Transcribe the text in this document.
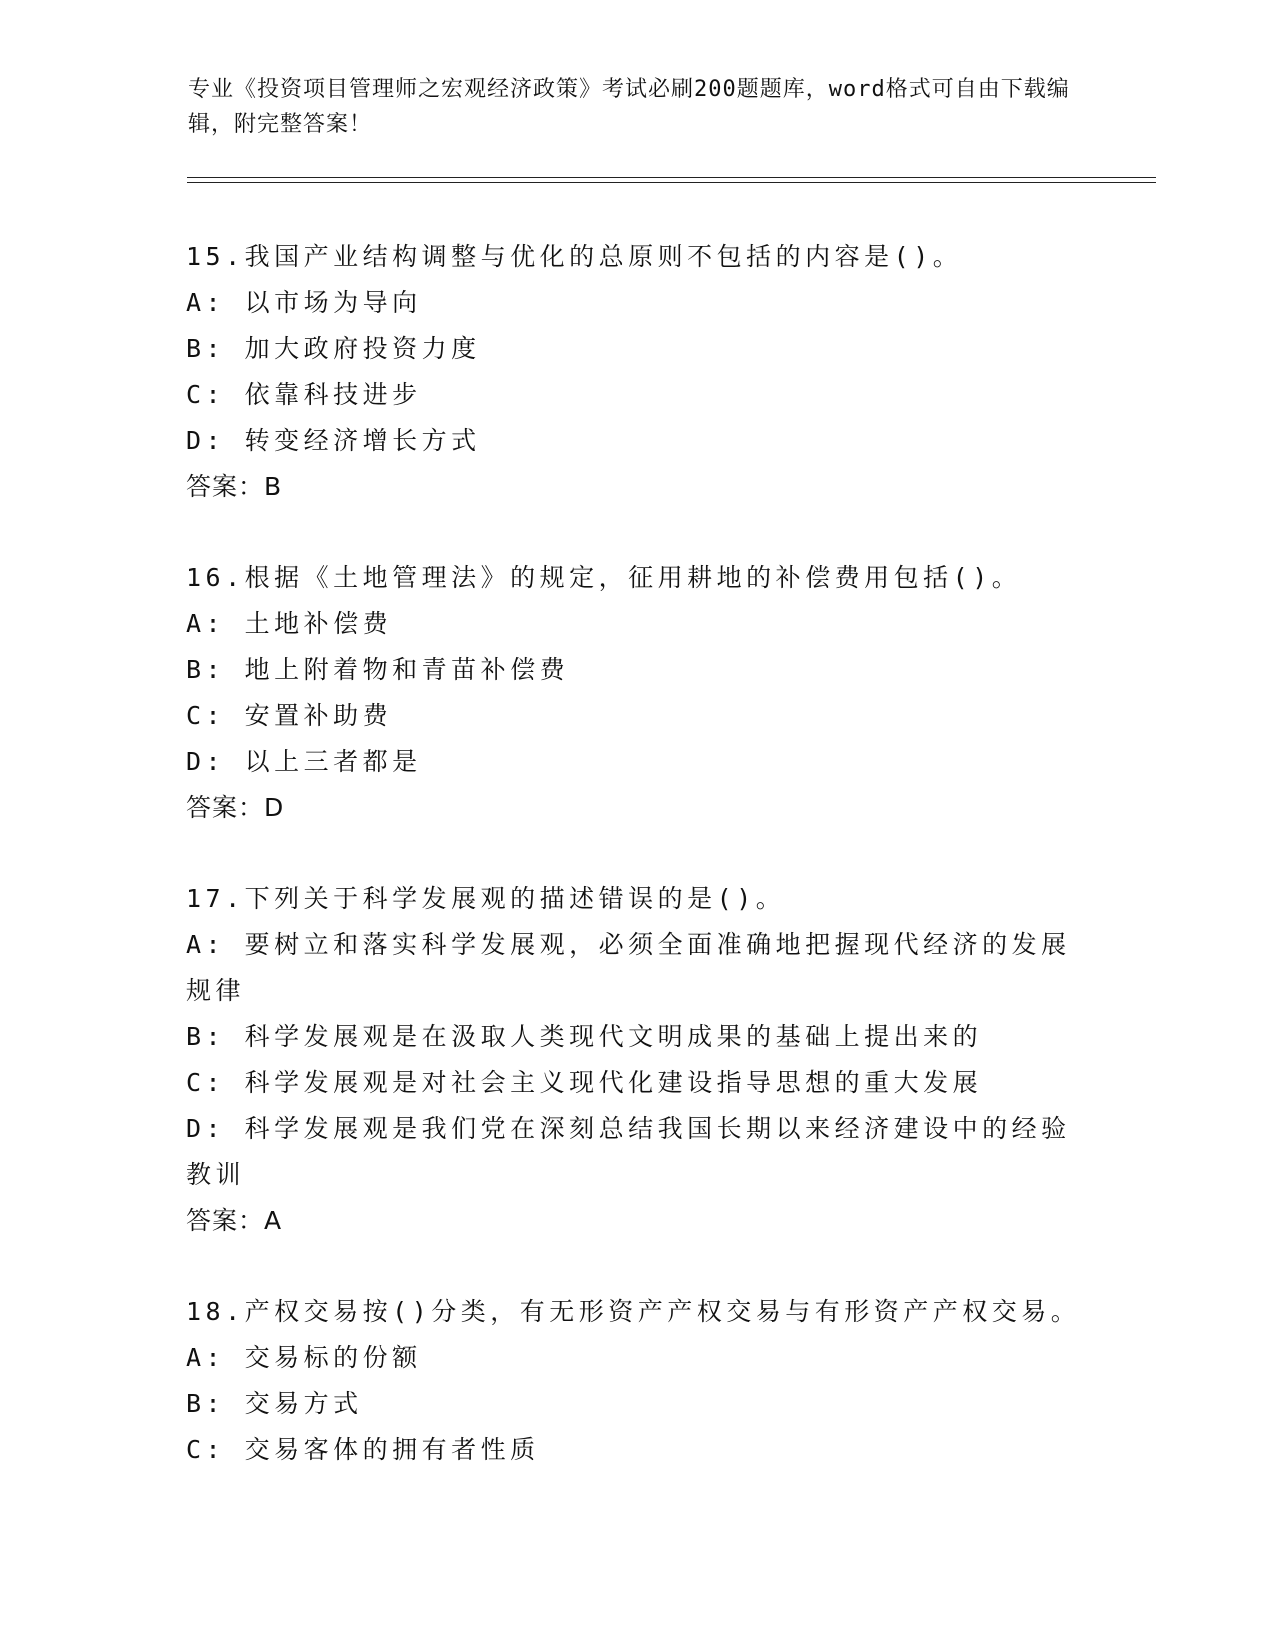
专业《投资项目管理师之宏观经济政策》考试必刷200题题库，word格式可自由下载编辑，附完整答案！

15.我国产业结构调整与优化的总原则不包括的内容是()。

A: 以市场为导向

B: 加大政府投资力度

C: 依靠科技进步

D: 转变经济增长方式

答案：B

16.根据《土地管理法》的规定，征用耕地的补偿费用包括()。

A: 土地补偿费

B: 地上附着物和青苗补偿费

C: 安置补助费

D: 以上三者都是

答案：D

17.下列关于科学发展观的描述错误的是()。

A: 要树立和落实科学发展观，必须全面准确地把握现代经济的发展规律

B: 科学发展观是在汲取人类现代文明成果的基础上提出来的

C: 科学发展观是对社会主义现代化建设指导思想的重大发展

D: 科学发展观是我们党在深刻总结我国长期以来经济建设中的经验教训

答案：A

18.产权交易按()分类，有无形资产产权交易与有形资产产权交易。

A: 交易标的份额

B: 交易方式

C: 交易客体的拥有者性质
